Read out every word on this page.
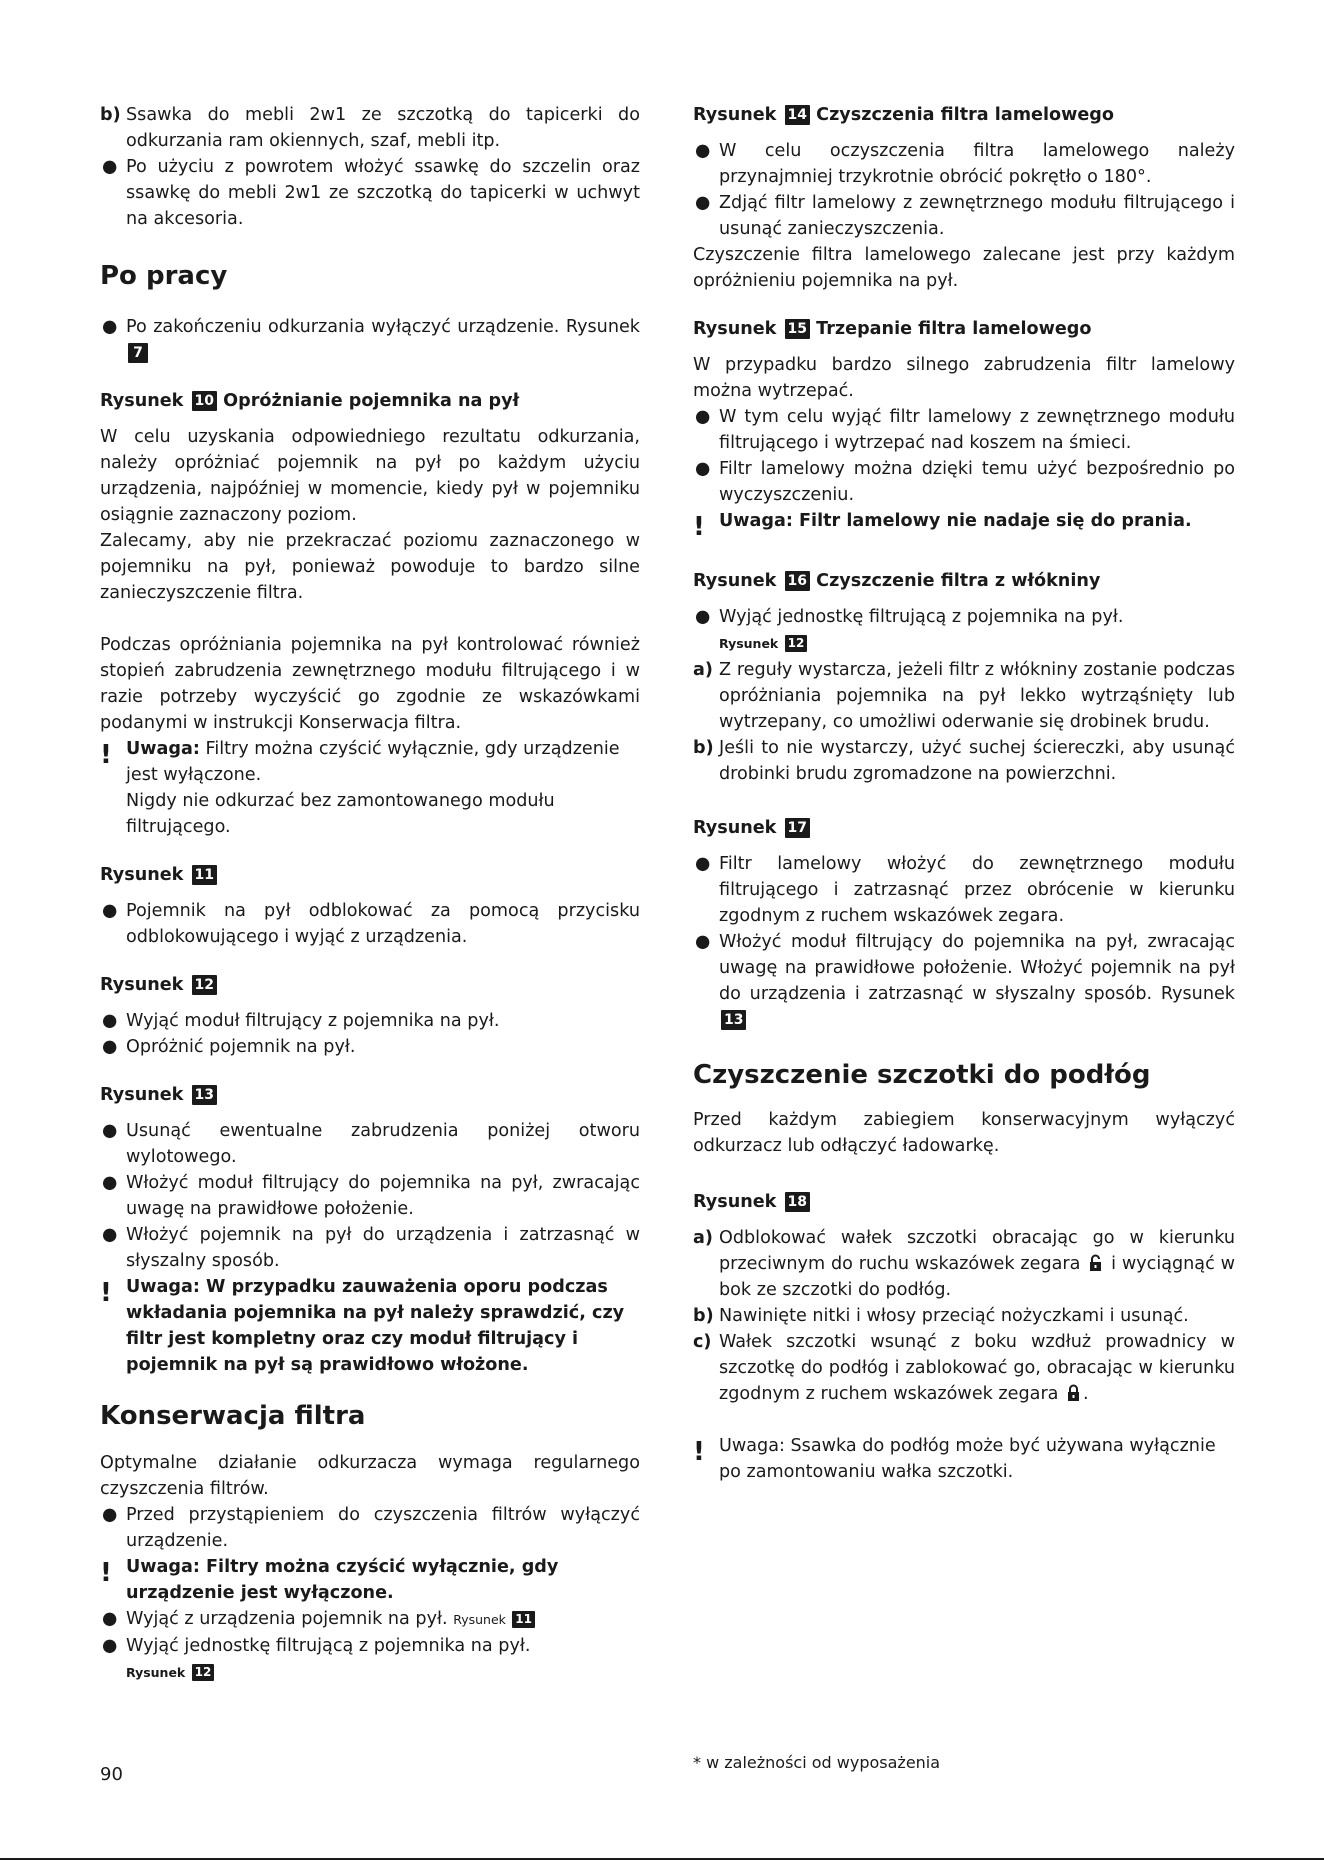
b) Ssawka do mebli 2w1 ze szczotką do tapicerki do odkurzania ram okiennych, szaf, mebli itp.
● Po użyciu z powrotem włożyć ssawkę do szczelin oraz ssawkę do mebli 2w1 ze szczotką do tapicerki w uchwyt na akcesoria.
Po pracy
● Po zakończeniu odkurzania wyłączyć urządzenie. Rysunek 7
Rysunek 10 Opróżnianie pojemnika na pył

W celu uzyskania odpowiedniego rezultatu odkurzania, należy opróżniać pojemnik na pył po każdym użyciu urządzenia, najpóźniej w momencie, kiedy pył w pojemniku osiągnie zaznaczony poziom.

Zalecamy, aby nie przekraczać poziomu zaznaczonego w pojemniku na pył, ponieważ powoduje to bardzo silne zanieczyszczenie filtra.

Podczas opróżniania pojemnika na pył kontrolować również stopień zabrudzenia zewnętrznego modułu filtrującego i w razie potrzeby wyczyścić go zgodnie ze wskazówkami podanymi w instrukcji Konserwacja filtra.

! Uwaga: Filtry można czyścić wyłącznie, gdy urządzenie jest wyłączone.
Nigdy nie odkurzać bez zamontowanego modułu filtrującego.
Rysunek 11
● Pojemnik na pył odblokować za pomocą przycisku odblokowującego i wyjąć z urządzenia.
Rysunek 12
● Wyjąć moduł filtrujący z pojemnika na pył.
● Opróżnić pojemnik na pył.
Rysunek 13
● Usunąć ewentualne zabrudzenia poniżej otworu wylotowego.
● Włożyć moduł filtrujący do pojemnika na pył, zwracając uwagę na prawidłowe położenie.
● Włożyć pojemnik na pył do urządzenia i zatrzasnąć w słyszalny sposób.
! Uwaga: W przypadku zauważenia oporu podczas wkładania pojemnika na pył należy sprawdzić, czy filtr jest kompletny oraz czy moduł filtrujący i pojemnik na pył są prawidłowo włożone.
Konserwacja filtra

Optymalne działanie odkurzacza wymaga regularnego czyszczenia filtrów.

● Przed przystąpieniem do czyszczenia filtrów wyłączyć urządzenie.
! Uwaga: Filtry można czyścić wyłącznie, gdy urządzenie jest wyłączone.
● Wyjąć z urządzenia pojemnik na pył. Rysunek 11
● Wyjąć jednostkę filtrującą z pojemnika na pył.
Rysunek 12
Rysunek 14 Czyszczenia filtra lamelowego
● W celu oczyszczenia filtra lamelowego należy przynajmniej trzykrotnie obrócić pokrętło o 180°.
● Zdjąć filtr lamelowy z zewnętrznego modułu filtrującego i usunąć zanieczyszczenia.

Czyszczenie filtra lamelowego zalecane jest przy każdym opróżnieniu pojemnika na pył.

Rysunek 15 Trzepanie filtra lamelowego

W przypadku bardzo silnego zabrudzenia filtr lamelowy można wytrzepać.

● W tym celu wyjąć filtr lamelowy z zewnętrznego modułu filtrującego i wytrzepać nad koszem na śmieci.
● Filtr lamelowy można dzięki temu użyć bezpośrednio po wyczyszczeniu.
! Uwaga: Filtr lamelowy nie nadaje się do prania.
Rysunek 16 Czyszczenie filtra z włókniny
● Wyjąć jednostkę filtrującą z pojemnika na pył.
Rysunek 12
a) Z reguły wystarcza, jeżeli filtr z włókniny zostanie podczas opróżniania pojemnika na pył lekko wytrząśnięty lub wytrzepany, co umożliwi oderwanie się drobinek brudu.
b) Jeśli to nie wystarczy, użyć suchej ściereczki, aby usunąć drobinki brudu zgromadzone na powierzchni.
Rysunek 17
● Filtr lamelowy włożyć do zewnętrznego modułu filtrującego i zatrzasnąć przez obrócenie w kierunku zgodnym z ruchem wskazówek zegara.
● Włożyć moduł filtrujący do pojemnika na pył, zwracając uwagę na prawidłowe położenie. Włożyć pojemnik na pył do urządzenia i zatrzasnąć w słyszalny sposób. Rysunek 13
Czyszczenie szczotki do podłóg

Przed każdym zabiegiem konserwacyjnym wyłączyć odkurzacz lub odłączyć ładowarkę.

Rysunek 18
a) Odblokować wałek szczotki obracając go w kierunku przeciwnym do ruchu wskazówek zegara  i wyciągnąć w bok ze szczotki do podłóg.
b) Nawinięte nitki i włosy przeciąć nożyczkami i usunąć.
c) Wałek szczotki wsunąć z boku wzdłuż prowadnicy w szczotkę do podłóg i zablokować go, obracając w kierunku zgodnym z ruchem wskazówek zegara .
! Uwaga: Ssawka do podłóg może być używana wyłącznie po zamontowaniu wałka szczotki.
90
* w zależności od wyposażenia
